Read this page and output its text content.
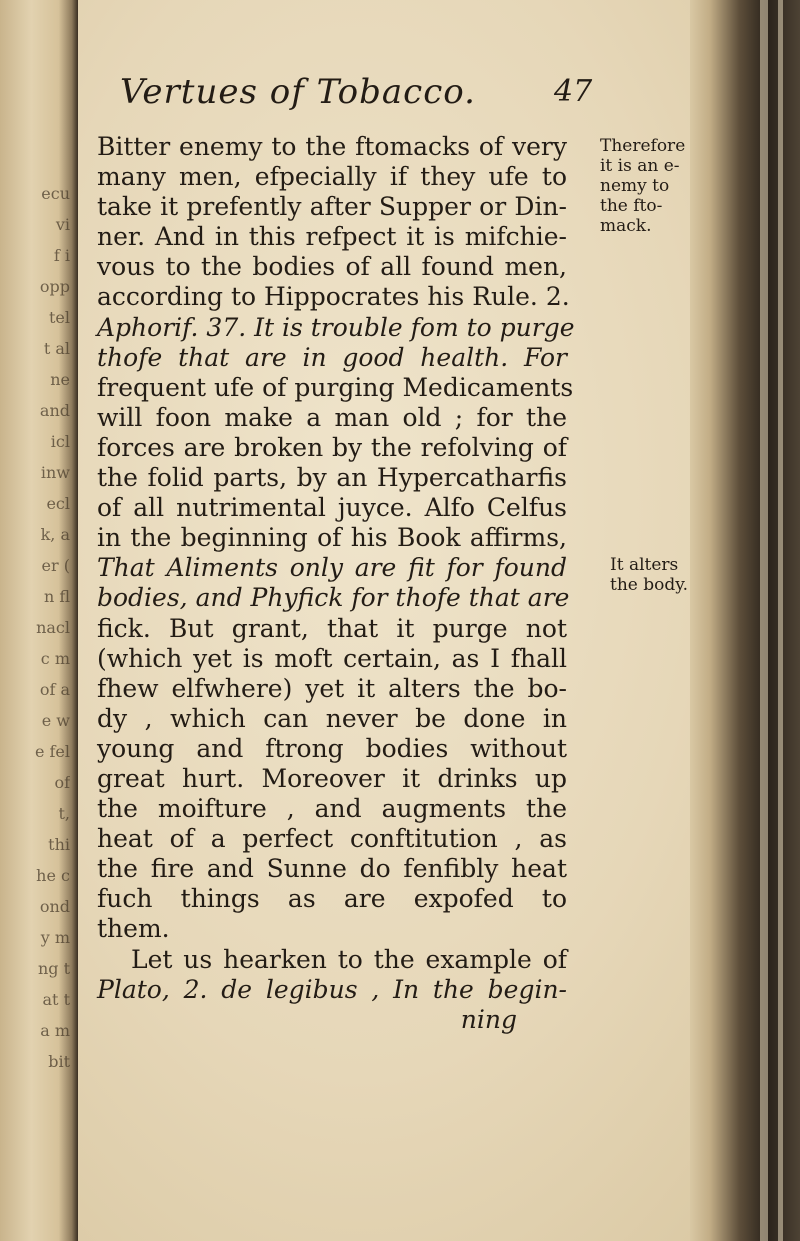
ecu
vi
f i
opp
tel
t al
ne
and
icl
inw
ecl
k, a
er (
n fl
nacl
c m
of a
e w
e fel
of
t,
thi
he c
ond
y m
ng t
at t
a m
bit
Vertues of Tobacco.	47
Bitter enemy to the ftomacks of very
many men, efpecially if they ufe to
take it prefently after Supper or Din-
ner. And in this refpect it is mifchie-
vous to the bodies of all found men,
according to Hippocrates his Rule. 2.
Aphorif. 37. It is trouble fom to purge
thofe that are in good health. For
frequent ufe of purging Medicaments
will foon make a man old ; for the
forces are broken by the refolving of
the folid parts, by an Hypercatharfis
of all nutrimental juyce. Alfo Celfus
in the beginning of his Book affirms,
That Aliments only are fit for found
bodies, and Phyfick for thofe that are
fick. But grant, that it purge not
(which yet is moft certain, as I fhall
fhew elfwhere) yet it alters the bo-
dy , which can never be done in
young and ftrong bodies without
great hurt. Moreover it drinks up
the moifture , and augments the
heat of a perfect conftitution , as
the fire and Sunne do fenfibly heat
fuch things as are expofed to
them.
Let us hearken to the example of
Plato, 2. de legibus , In the begin-
ning
Therefore
it is an e-
nemy to
the fto-
mack.
It alters
the body.
